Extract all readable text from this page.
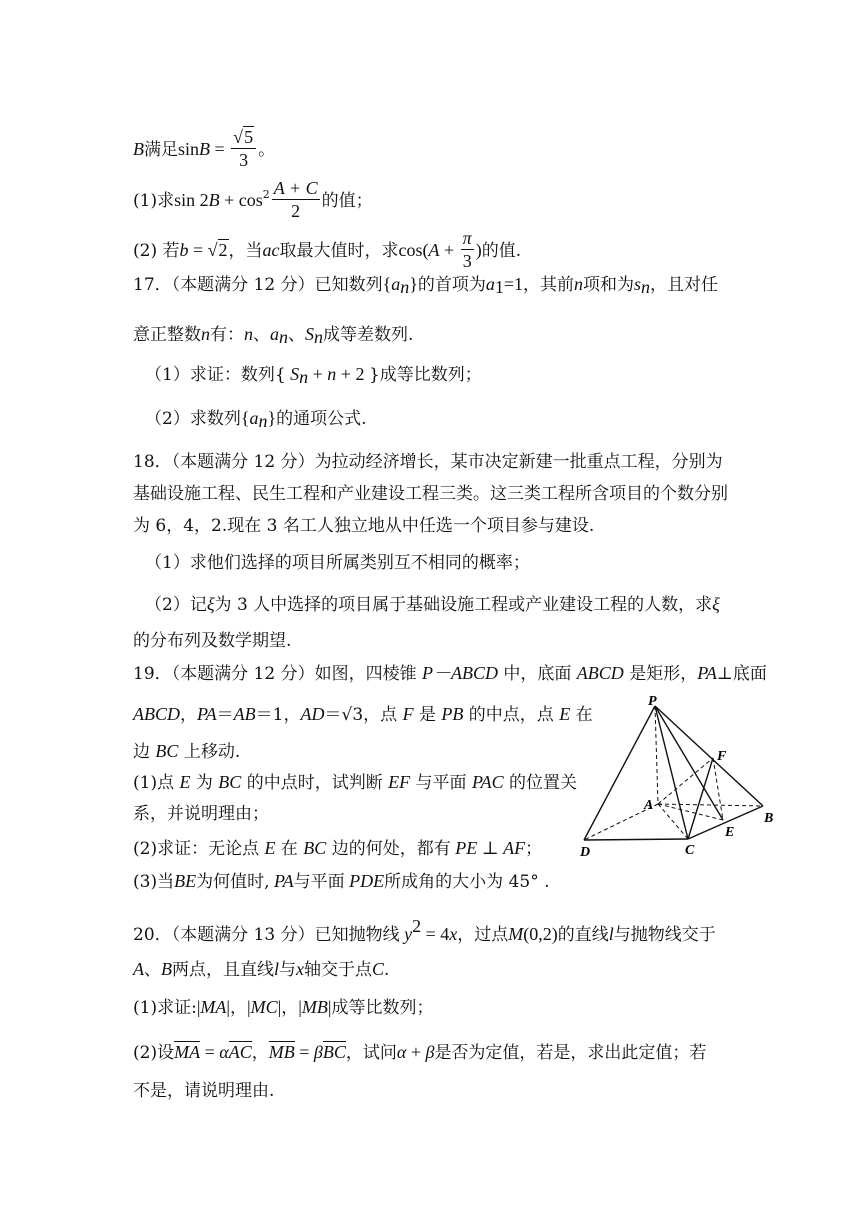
B满足$\sin B = \frac{√5}{3}$ 。
(1)求$\sin 2B + \cos^2 \frac{A + C}{2}$ 的值；
(2) 若b = √2，当ac取最大值时，求$\cos(A + \frac{\pi}{3}$ )的值.
17．（本题满分 12 分）已知数列$\{a_n\}$的首项为$a_1=1$，其前n项和为$s_n$，且对任
意正整数n有：n、$a_n$、$S_n$成等差数列.
（1）求证：数列{ $S_n + n + 2$ }成等比数列；
（2）求数列$\{a_n\}$的通项公式.
18．（本题满分 12 分）为拉动经济增长，某市决定新建一批重点工程，分别为
基础设施工程、民生工程和产业建设工程三类。这三类工程所含项目的个数分别
为 6，4，2.现在 3 名工人独立地从中任选一个项目参与建设.
（1）求他们选择的项目所属类别互不相同的概率；
（2）记ξ为 3 人中选择的项目属于基础设施工程或产业建设工程的人数，求ξ
的分布列及数学期望.
19．（本题满分 12 分）如图，四棱锥 P－ABCD 中，底面 ABCD 是矩形，PA⊥底面
ABCD，PA＝AB＝1，AD＝√3，点 F 是 PB 的中点，点 E 在
边 BC 上移动.
(1)点 E 为 BC 的中点时，试判断 EF 与平面 PAC 的位置关
系，并说明理由；
(2)求证：无论点 E 在 BC 边的何处，都有 PE ⊥ AF；
(3)当BE为何值时, PA与平面 PDE所成角的大小为 45° .
P
F
A
B
E
D	C
20．（本题满分 13 分）已知抛物线 $y^2 = 4x$，过点M(0,2)的直线l与抛物线交于
A、B两点，且直线l与x轴交于点C.
(1)求证:|MA|，|MC|，|MB|成等比数列；
(2)设MA = αAC，MB = βBC，试问α + β是否为定值，若是，求出此定值；若
不是，请说明理由.
